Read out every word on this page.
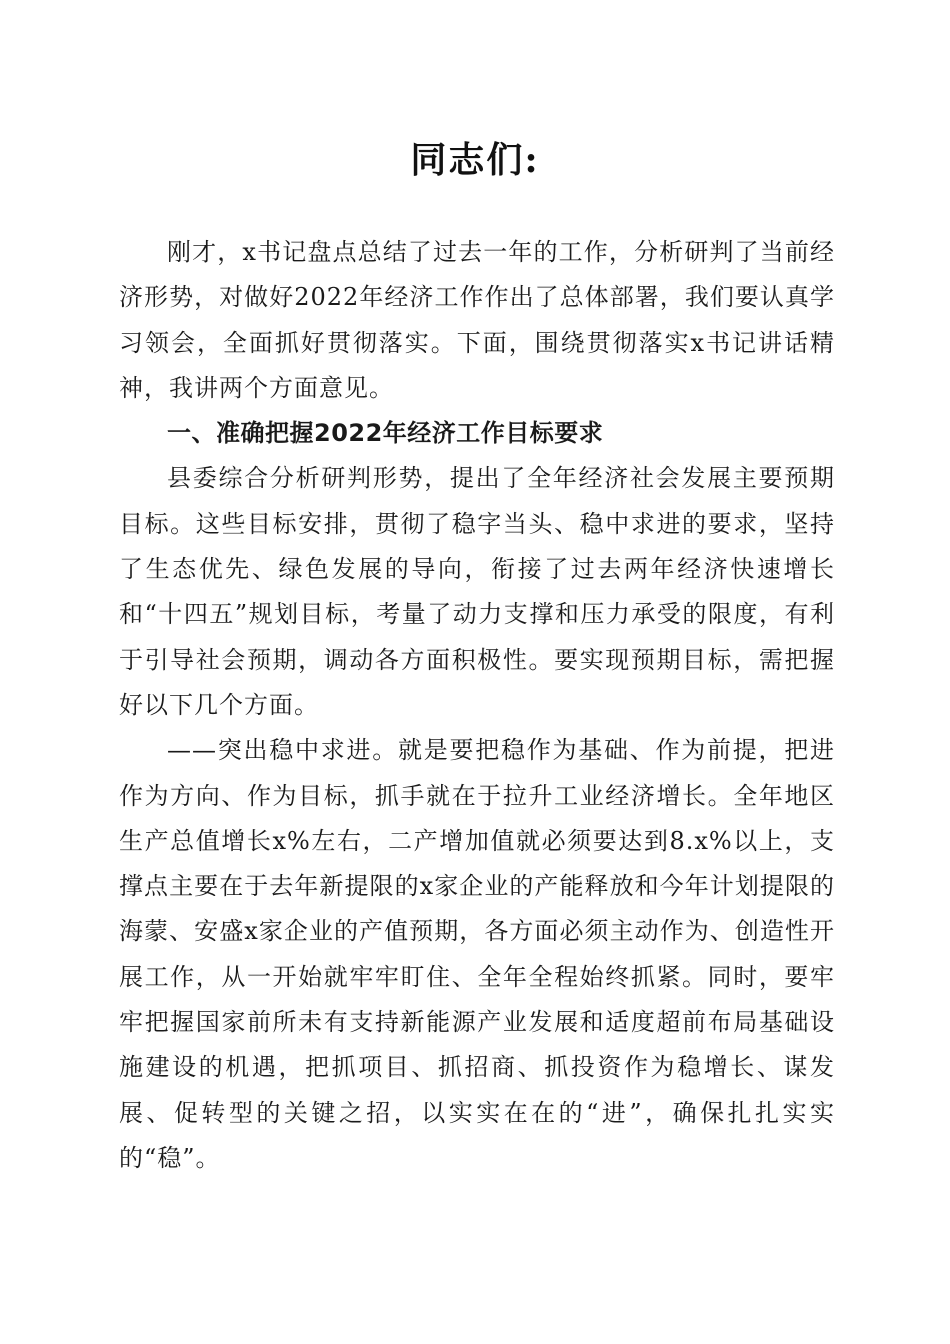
同志们:

刚才，x书记盘点总结了过去一年的工作，分析研判了当前经济形势，对做好2022年经济工作作出了总体部署，我们要认真学习领会，全面抓好贯彻落实。下面，围绕贯彻落实x书记讲话精神，我讲两个方面意见。

一、准确把握2022年经济工作目标要求

县委综合分析研判形势，提出了全年经济社会发展主要预期目标。这些目标安排，贯彻了稳字当头、稳中求进的要求，坚持了生态优先、绿色发展的导向，衔接了过去两年经济快速增长和“十四五”规划目标，考量了动力支撑和压力承受的限度，有利于引导社会预期，调动各方面积极性。要实现预期目标，需把握好以下几个方面。

——突出稳中求进。就是要把稳作为基础、作为前提，把进作为方向、作为目标，抓手就在于拉升工业经济增长。全年地区生产总值增长x%左右，二产增加值就必须要达到8.x%以上，支撑点主要在于去年新提限的x家企业的产能释放和今年计划提限的海蒙、安盛x家企业的产值预期，各方面必须主动作为、创造性开展工作，从一开始就牢牢盯住、全年全程始终抓紧。同时，要牢牢把握国家前所未有支持新能源产业发展和适度超前布局基础设施建设的机遇，把抓项目、抓招商、抓投资作为稳增长、谋发展、促转型的关键之招，以实实在在的“进”，确保扎扎实实的“稳”。
